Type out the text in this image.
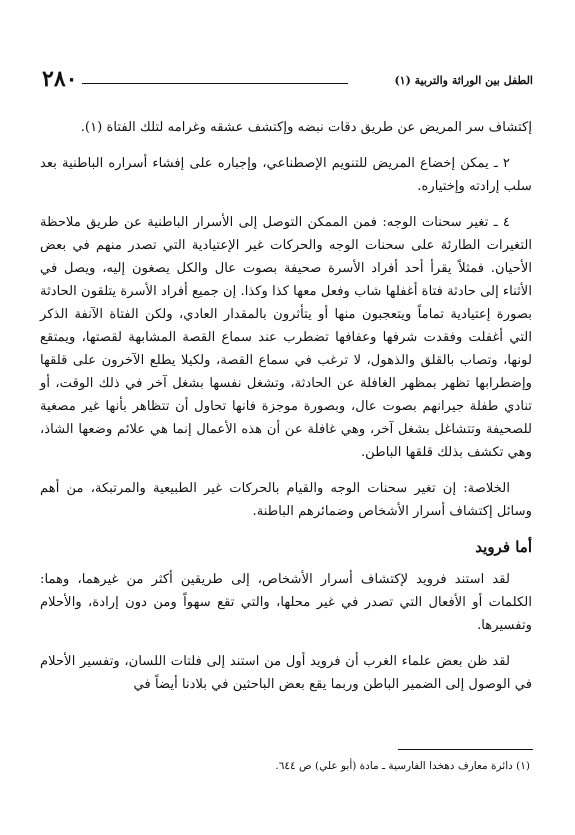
الطفل بين الوراثة والتربية (١)
٢٨٠

إكتشاف سر المريض عن طريق دقات نبضه وإكتشف عشقه وغرامه لتلك الفتاة (١).

٢ ـ يمكن إخضاع المريض للتنويم الإصطناعي، وإجباره على إفشاء أسراره الباطنية بعد سلب إرادته وإختياره.

٤ ـ تغير سحنات الوجه: فمن الممكن التوصل إلى الأسرار الباطنية عن طريق ملاحظة التغيرات الطارئة على سحنات الوجه والحركات غير الإعتيادية التي تصدر منهم في بعض الأحيان. فمثلاً يقرأ أحد أفراد الأسرة صحيفة بصوت عال والكل يصغون إليه، ويصل في الأثناء إلى حادثة فتاة أغفلها شاب وفعل معها كذا وكذا. إن جميع أفراد الأسرة يتلقون الحادثة بصورة إعتيادية تماماً ويتعجبون منها أو يتأثرون بالمقدار العادي، ولكن الفتاة الآنفة الذكر التي أغفلت وفقدت شرفها وعفافها تضطرب عند سماع القصة المشابهة لقصتها، ويمتقع لونها، وتصاب بالقلق والذهول، لا ترغب في سماع القصة، ولكيلا يطلع الآخرون على قلقها وإضطرابها تظهر بمظهر الغافلة عن الحادثة، وتشغل نفسها بشغل آخر في ذلك الوقت، أو تنادي طفلة جيرانهم بصوت عال، وبصورة موجزة فانها تحاول أن تتظاهر بأنها غير مصغية للصحيفة وتتشاغل بشغل آخر، وهي غافلة عن أن هذه الأعمال إنما هي علائم وضعها الشاذ، وهي تكشف بذلك قلقها الباطن.

الخلاصة: إن تغير سحنات الوجه والقيام بالحركات غير الطبيعية والمرتبكة، من أهم وسائل إكتشاف أسرار الأشخاص وضمائرهم الباطنة.

أما فرويد

لقد استند فرويد لإكتشاف أسرار الأشخاص، إلى طريقين أكثر من غيرهما، وهما: الكلمات أو الأفعال التي تصدر في غير محلها، والتي تقع سهواً ومن دون إرادة، والأحلام وتفسيرها.

لقد ظن بعض علماء الغرب أن فرويد أول من استند إلى فلتات اللسان، وتفسير الأحلام في الوصول إلى الضمير الباطن وربما يقع بعض الباحثين في بلادنا أيضاً في

(١) دائرة معارف دهخدا الفارسية ـ مادة (أبو علي) ص ٦٤٤.
